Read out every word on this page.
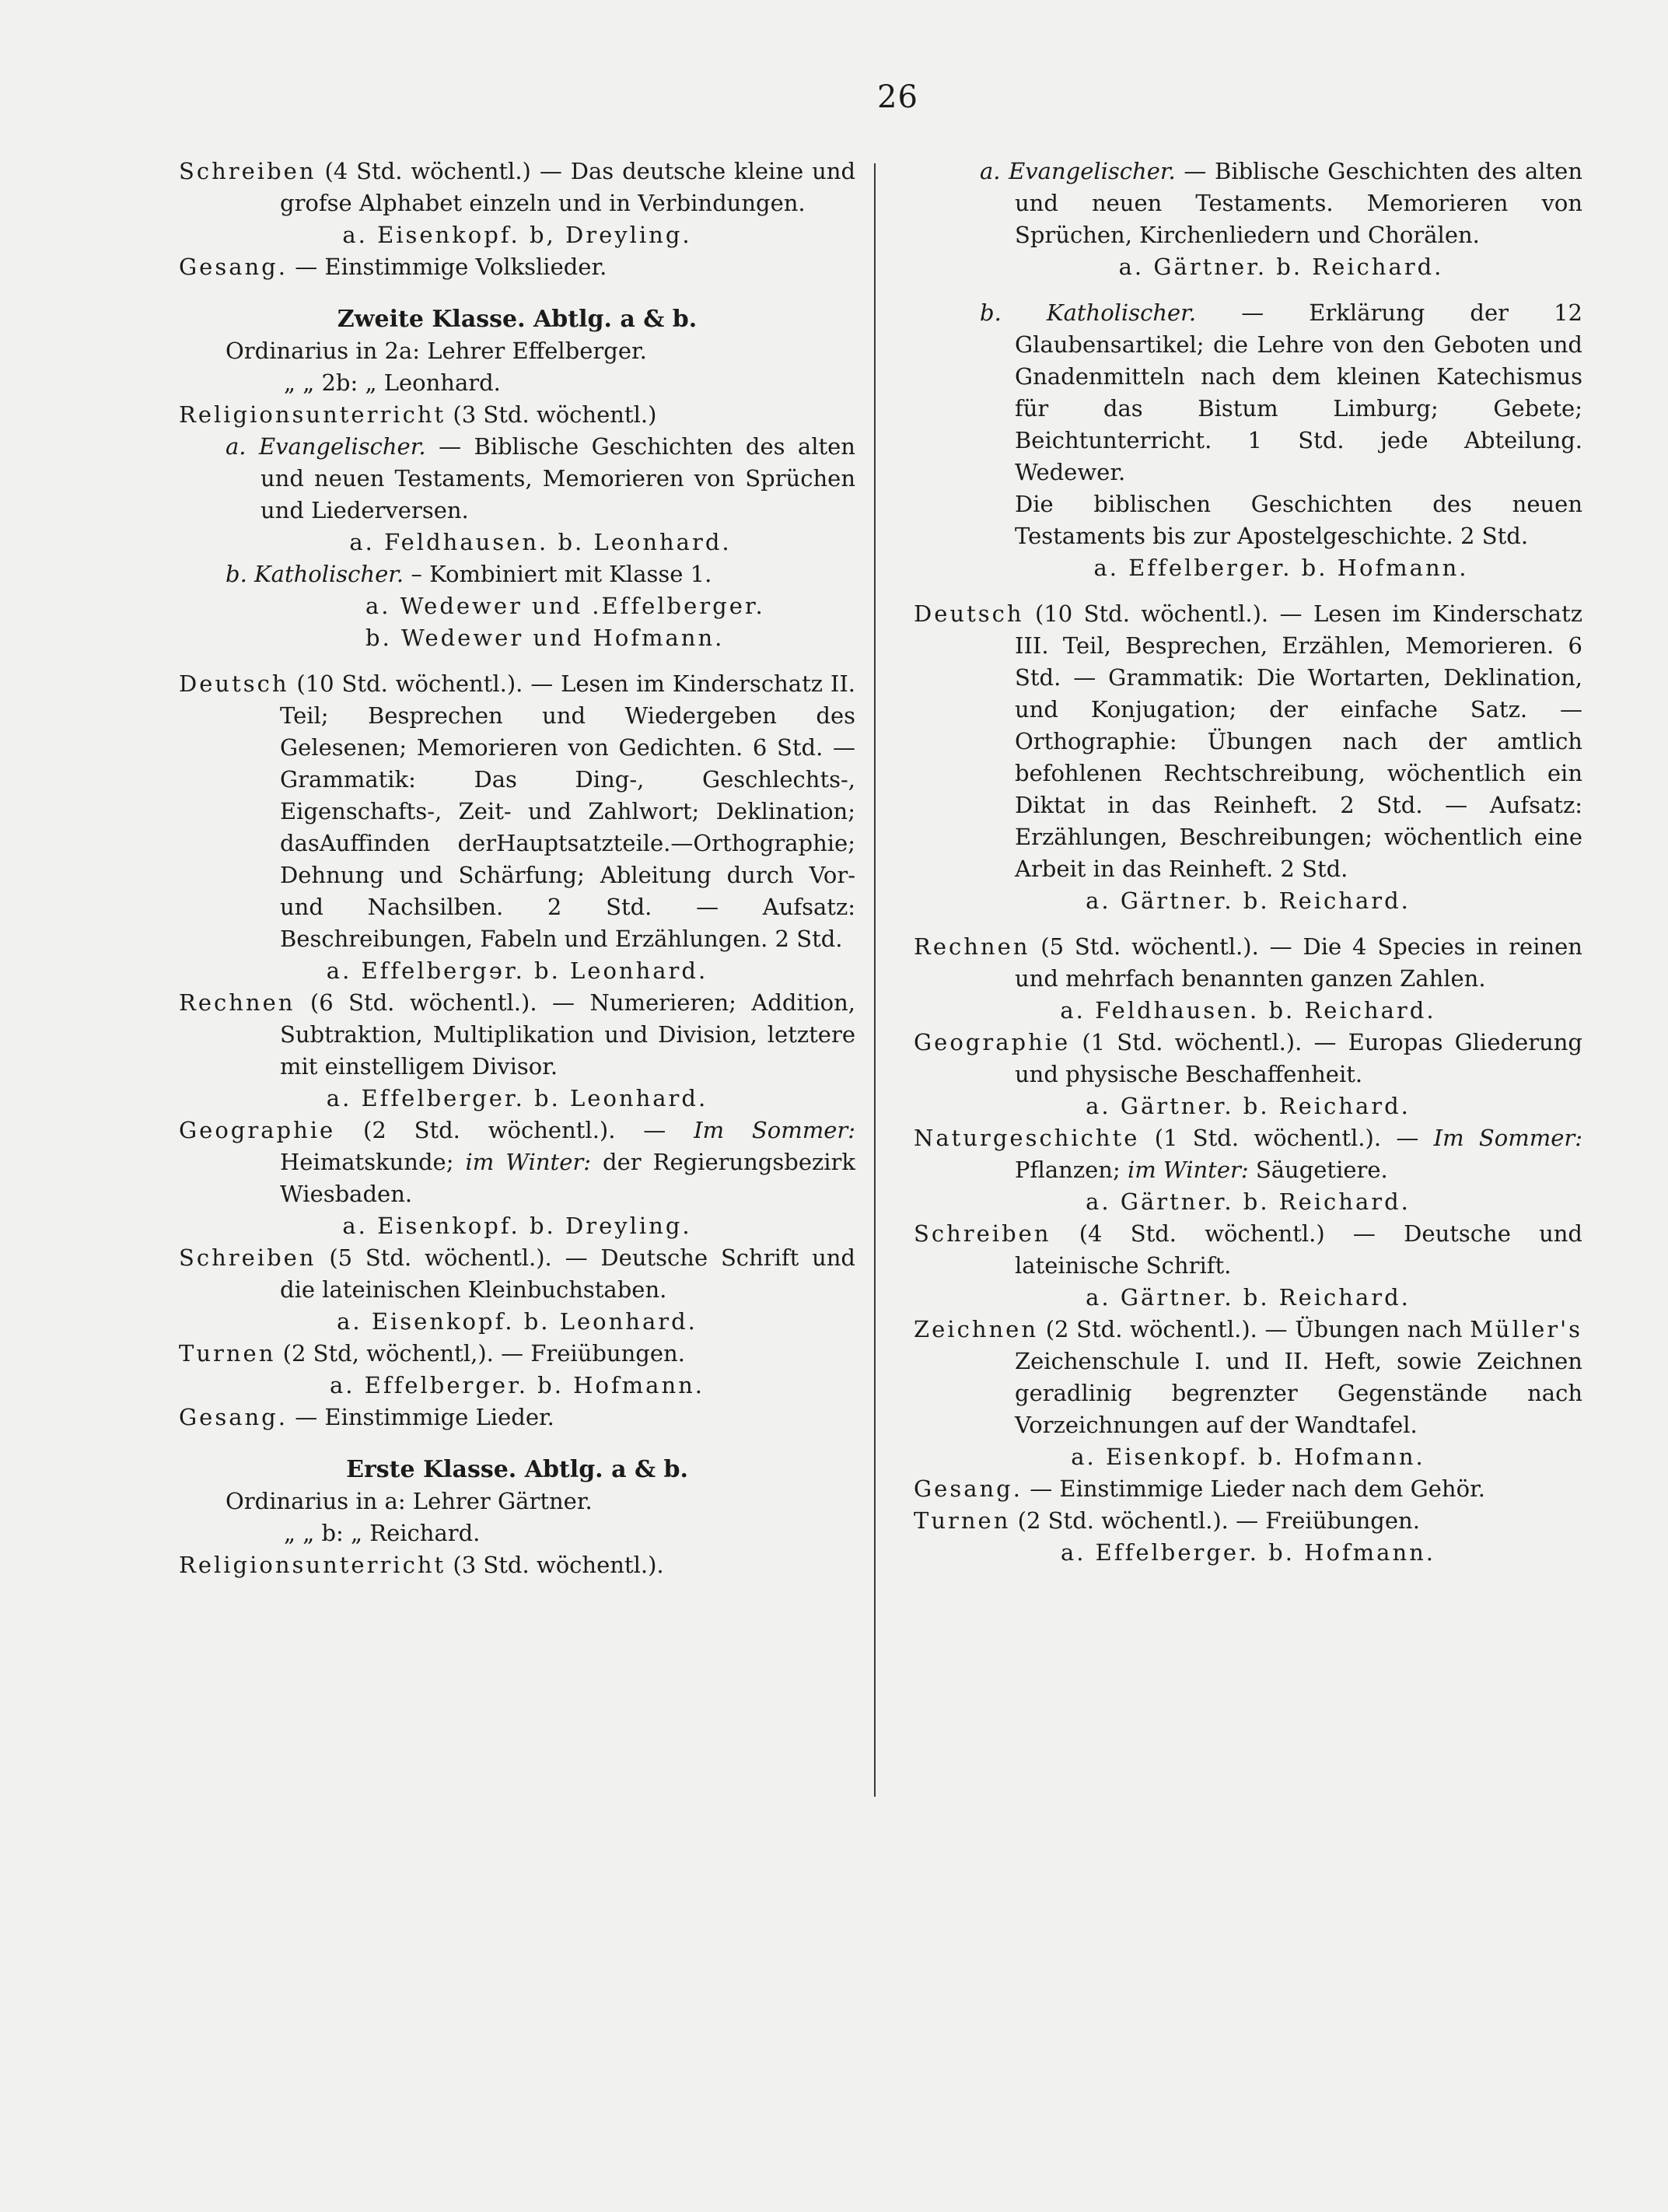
26

Schreiben (4 Std. wöchentl.) — Das deutsche kleine und grofse Alphabet einzeln und in Verbindungen.

a. Eisenkopf. b, Dreyling.

Gesang. — Einstimmige Volkslieder.

Zweite Klasse. Abtlg. a & b.

Ordinarius in 2a: Lehrer Effelberger.

„ „ 2b: „ Leonhard.

Religionsunterricht (3 Std. wöchentl.)

a. Evangelischer. — Biblische Geschichten des alten und neuen Testaments, Memorieren von Sprüchen und Liederversen.

a. Feldhausen. b. Leonhard.

b. Katholischer. – Kombiniert mit Klasse 1.

a. Wedewer und .Effelberger.

b. Wedewer und Hofmann.

Deutsch (10 Std. wöchentl.). — Lesen im Kinderschatz II. Teil; Besprechen und Wiedergeben des Gelesenen; Memorieren von Gedichten. 6 Std. — Grammatik: Das Ding-, Geschlechts-, Eigenschafts-, Zeit- und Zahlwort; Deklination; dasAuffinden derHauptsatzteile.—Orthographie; Dehnung und Schärfung; Ableitung durch Vor- und Nachsilben. 2 Std. — Aufsatz: Beschreibungen, Fabeln und Erzählungen. 2 Std.

a. Effelbergɘr. b. Leonhard.

Rechnen (6 Std. wöchentl.). — Numerieren; Addition, Subtraktion, Multiplikation und Division, letztere mit einstelligem Divisor.

a. Effelberger. b. Leonhard.

Geographie (2 Std. wöchentl.). — Im Sommer: Heimatskunde; im Winter: der Regierungsbezirk Wiesbaden.

a. Eisenkopf. b. Dreyling.

Schreiben (5 Std. wöchentl.). — Deutsche Schrift und die lateinischen Kleinbuchstaben.

a. Eisenkopf. b. Leonhard.

Turnen (2 Std, wöchentl,). — Freiübungen.

a. Effelberger. b. Hofmann.

Gesang. — Einstimmige Lieder.

Erste Klasse. Abtlg. a & b.

Ordinarius in a: Lehrer Gärtner.

„ „ b: „ Reichard.

Religionsunterricht (3 Std. wöchentl.).

a. Evangelischer. — Biblische Geschichten des alten und neuen Testaments. Memorieren von Sprüchen, Kirchenliedern und Chorälen.

a. Gärtner. b. Reichard.

b. Katholischer. — Erklärung der 12 Glaubensartikel; die Lehre von den Geboten und Gnadenmitteln nach dem kleinen Katechismus für das Bistum Limburg; Gebete; Beichtunterricht. 1 Std. jede Abteilung. Wedewer.

Die biblischen Geschichten des neuen Testaments bis zur Apostelgeschichte. 2 Std.

a. Effelberger. b. Hofmann.

Deutsch (10 Std. wöchentl.). — Lesen im Kinderschatz III. Teil, Besprechen, Erzählen, Memorieren. 6 Std. — Grammatik: Die Wortarten, Deklination, und Konjugation; der einfache Satz. — Orthographie: Übungen nach der amtlich befohlenen Rechtschreibung, wöchentlich ein Diktat in das Reinheft. 2 Std. — Aufsatz: Erzählungen, Beschreibungen; wöchentlich eine Arbeit in das Reinheft. 2 Std.

a. Gärtner. b. Reichard.

Rechnen (5 Std. wöchentl.). — Die 4 Species in reinen und mehrfach benannten ganzen Zahlen.

a. Feldhausen. b. Reichard.

Geographie (1 Std. wöchentl.). — Europas Gliederung und physische Beschaffenheit.

a. Gärtner. b. Reichard.

Naturgeschichte (1 Std. wöchentl.). — Im Sommer: Pflanzen; im Winter: Säugetiere.

a. Gärtner. b. Reichard.

Schreiben (4 Std. wöchentl.) — Deutsche und lateinische Schrift.

a. Gärtner. b. Reichard.

Zeichnen (2 Std. wöchentl.). — Übungen nach Müller's Zeichenschule I. und II. Heft, sowie Zeichnen geradlinig begrenzter Gegenstände nach Vorzeichnungen auf der Wandtafel.

a. Eisenkopf. b. Hofmann.

Gesang. — Einstimmige Lieder nach dem Gehör.

Turnen (2 Std. wöchentl.). — Freiübungen.

a. Effelberger. b. Hofmann.
